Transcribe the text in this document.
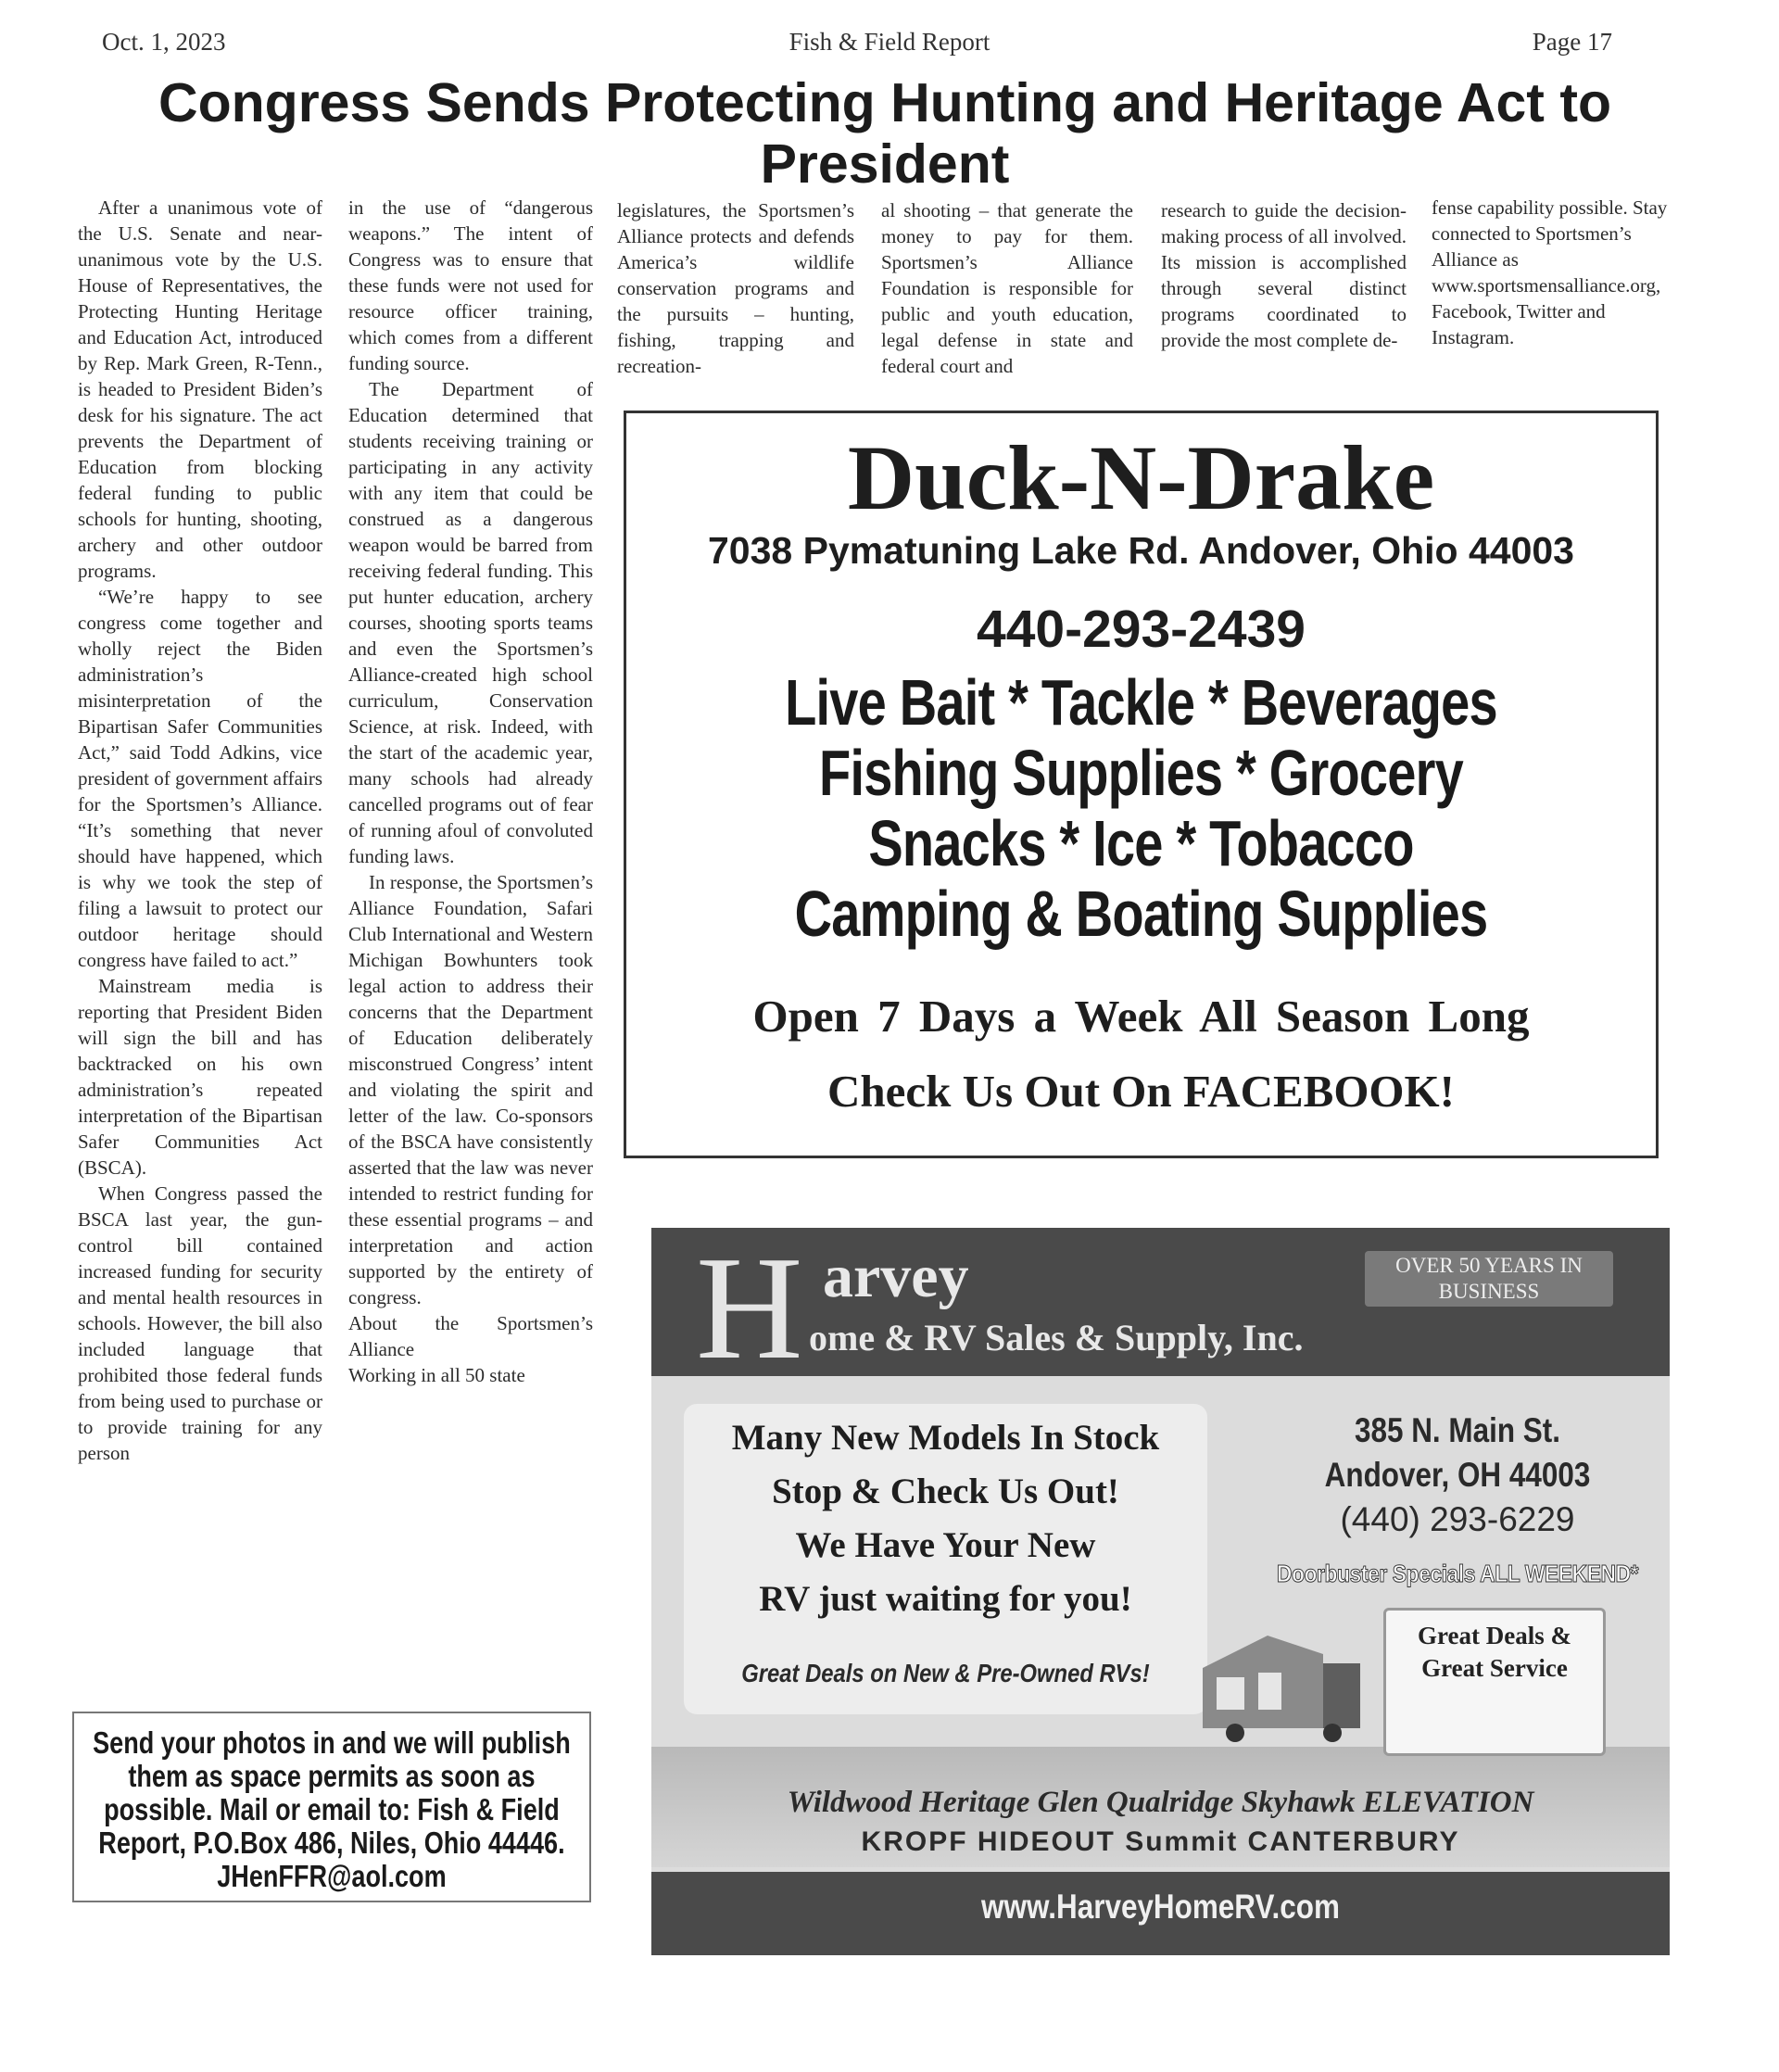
Oct. 1, 2023	Fish & Field Report	Page 17
Congress Sends Protecting Hunting and Heritage Act to President

After a unanimous vote of the U.S. Senate and near-unanimous vote by the U.S. House of Representatives, the Protecting Hunting Heritage and Education Act, introduced by Rep. Mark Green, R-Tenn., is headed to President Biden’s desk for his signature. The act prevents the Department of Education from blocking federal funding to public schools for hunting, shooting, archery and other outdoor programs.

“We’re happy to see congress come together and wholly reject the Biden administration’s misinterpretation of the Bipartisan Safer Communities Act,” said Todd Adkins, vice president of government affairs for the Sportsmen’s Alliance. “It’s something that never should have happened, which is why we took the step of filing a lawsuit to protect our outdoor heritage should congress have failed to act.”

Mainstream media is reporting that President Biden will sign the bill and has backtracked on his own administration’s repeated interpretation of the Bipartisan Safer Communities Act (BSCA).

When Congress passed the BSCA last year, the gun-control bill contained increased funding for security and mental health resources in schools. However, the bill also included language that prohibited those federal funds from being used to purchase or to provide training for any person

in the use of “dangerous weapons.” The intent of Congress was to ensure that these funds were not used for resource officer training, which comes from a different funding source.

The Department of Education determined that students receiving training or participating in any activity with any item that could be construed as a dangerous weapon would be barred from receiving federal funding. This put hunter education, archery courses, shooting sports teams and even the Sportsmen’s Alliance-created high school curriculum, Conservation Science, at risk. Indeed, with the start of the academic year, many schools had already cancelled programs out of fear of running afoul of convoluted funding laws.

In response, the Sportsmen’s Alliance Foundation, Safari Club International and Western Michigan Bowhunters took legal action to address their concerns that the Department of Education deliberately misconstrued Congress’ intent and violating the spirit and letter of the law. Co-sponsors of the BSCA have consistently asserted that the law was never intended to restrict funding for these essential programs – and interpretation and action supported by the entirety of congress.

About the Sportsmen’s Alliance

Working in all 50 state

legislatures, the Sportsmen’s Alliance protects and defends America’s wildlife conservation programs and the pursuits – hunting, fishing, trapping and recreation-

al shooting – that generate the money to pay for them. Sportsmen’s Alliance Foundation is responsible for public and youth education, legal defense in state and federal court and

research to guide the decision-making process of all involved. Its mission is accomplished through several distinct programs coordinated to provide the most complete de-

fense capability possible. Stay connected to Sportsmen’s Alliance as www.sportsmensalliance.org, Facebook, Twitter and Instagram.

Duck-N-Drake
7038 Pymatuning Lake Rd. Andover, Ohio 44003
440-293-2439
Live Bait * Tackle * Beverages
Fishing Supplies * Grocery
Snacks * Ice * Tobacco
Camping & Boating Supplies
Open 7 Days a Week All Season Long
Check Us Out On FACEBOOK!
Send your photos in and we will publish them as space permits as soon as possible. Mail or email to: Fish & Field Report, P.O.Box 486, Niles, Ohio 44446. JHenFFR@aol.com
H arvey
ome & RV Sales & Supply, Inc.
OVER 50 YEARS IN BUSINESS
Many New Models In Stock
Stop & Check Us Out!
We Have Your New
RV just waiting for you!
Great Deals on New & Pre-Owned RVs!
385 N. Main St.
Andover, OH 44003
(440) 293-6229
Doorbuster Specials ALL WEEKEND*
Great Deals & Great Service
Wildwood Heritage Glen Qualridge Skyhawk ELEVATION
KROPF HIDEOUT Summit CANTERBURY
www.HarveyHomeRV.com
